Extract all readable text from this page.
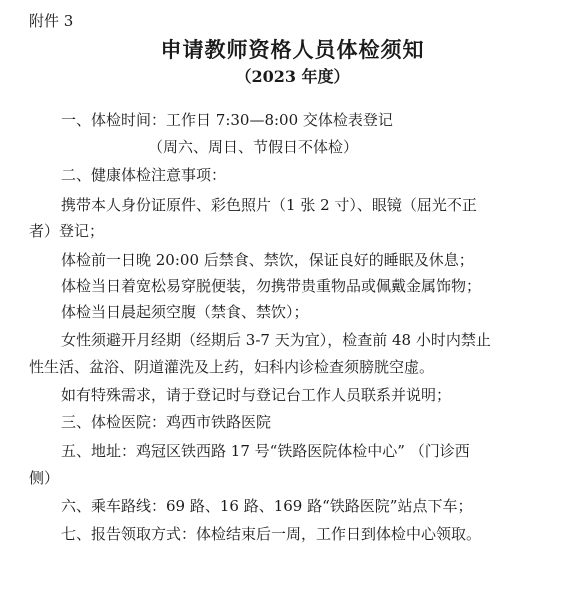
附件 3
申请教师资格人员体检须知
（2023 年度）
一、体检时间：工作日 7:30—8:00 交体检表登记
（周六、周日、节假日不体检）
二、健康体检注意事项：
携带本人身份证原件、彩色照片（1 张 2 寸）、眼镜（屈光不正
者）登记；
体检前一日晚 20:00 后禁食、禁饮，保证良好的睡眠及休息；
体检当日着宽松易穿脱便装，勿携带贵重物品或佩戴金属饰物；
体检当日晨起须空腹（禁食、禁饮）；
女性须避开月经期（经期后 3-7 天为宜），检查前 48 小时内禁止
性生活、盆浴、阴道灌洗及上药，妇科内诊检查须膀胱空虚。
如有特殊需求，请于登记时与登记台工作人员联系并说明；
三、体检医院：鸡西市铁路医院
五、地址：鸡冠区铁西路 17 号“铁路医院体检中心” （门诊西
侧）
六、乘车路线：69 路、16 路、169 路“铁路医院”站点下车；
七、报告领取方式：体检结束后一周，工作日到体检中心领取。
